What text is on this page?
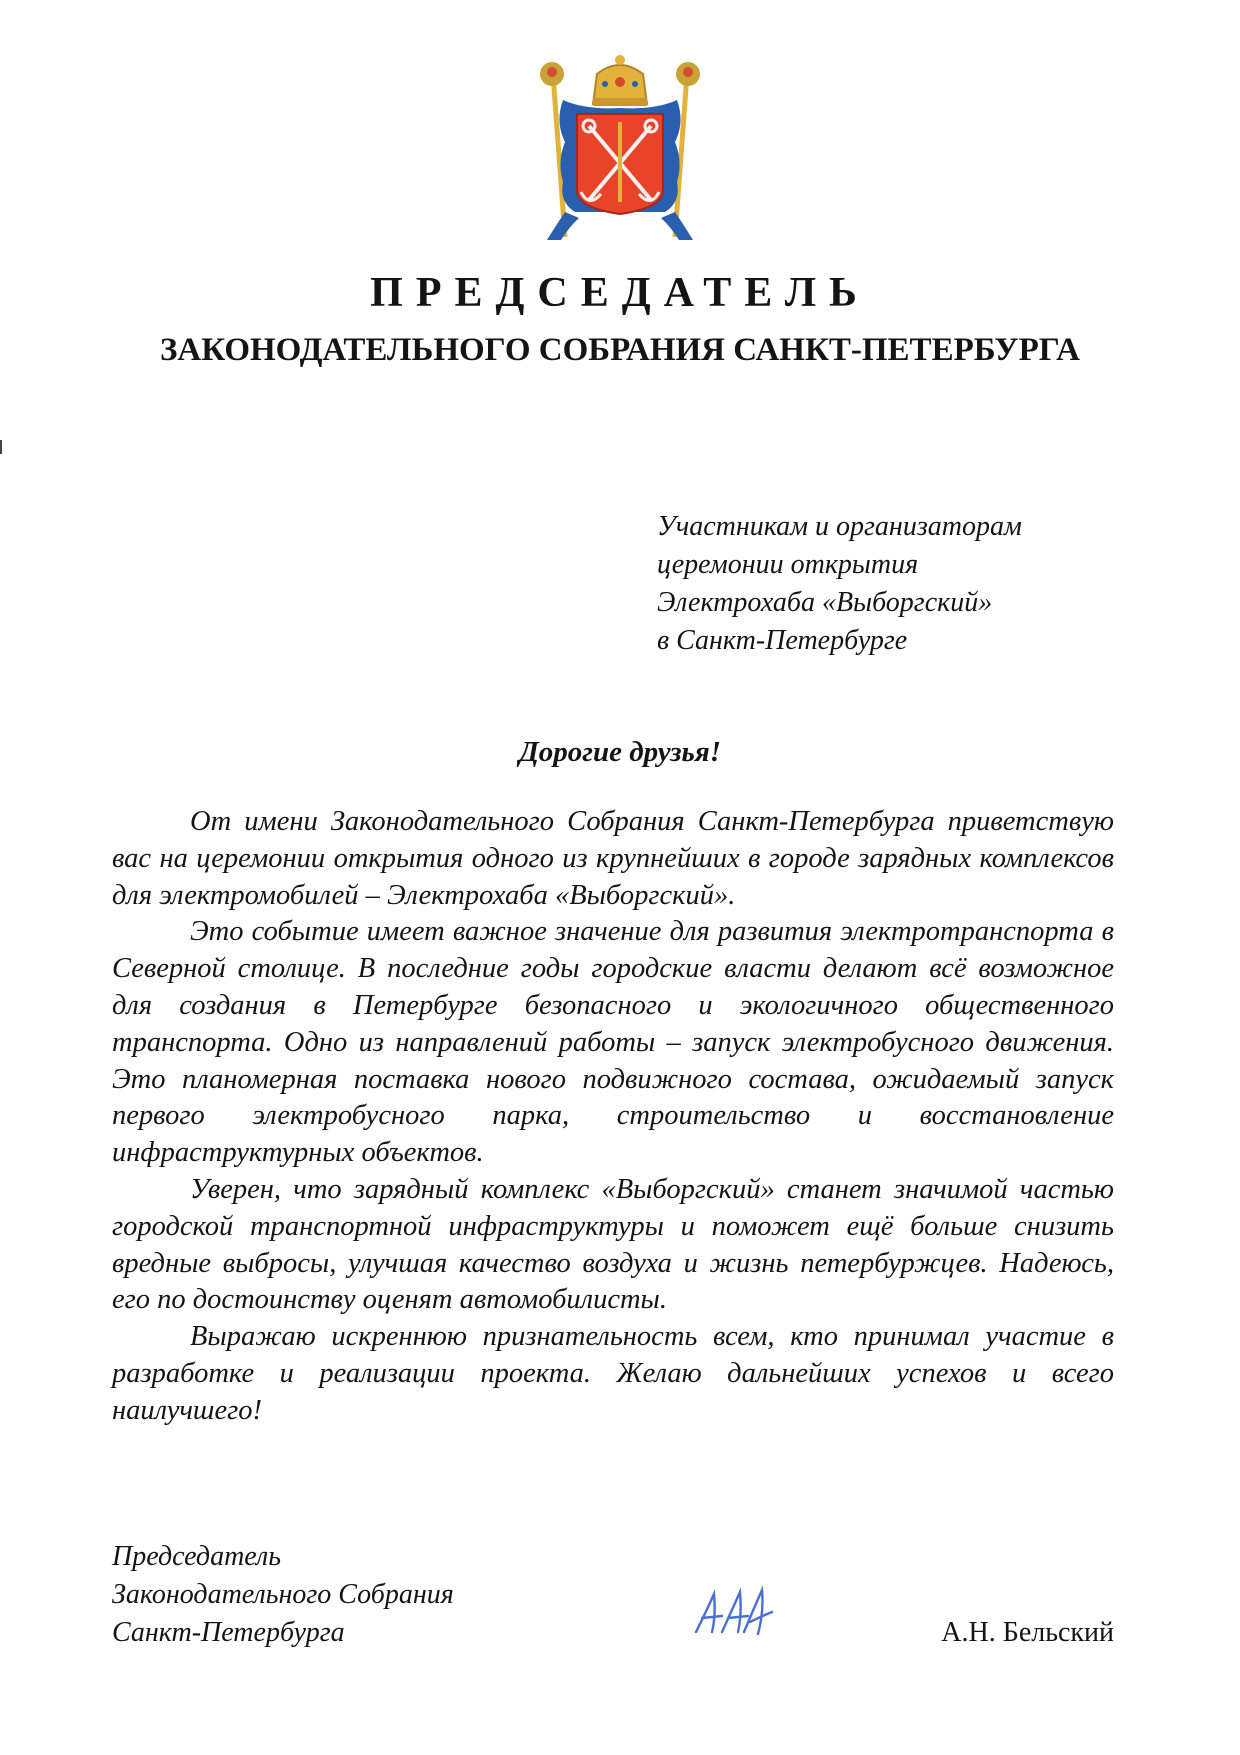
ПРЕДСЕДАТЕЛЬ
ЗАКОНОДАТЕЛЬНОГО СОБРАНИЯ САНКТ-ПЕТЕРБУРГА
Участникам и организаторам
церемонии открытия
Электрохаба «Выборгский»
в Санкт-Петербурге
Дорогие друзья!

От имени Законодательного Собрания Санкт-Петербурга приветствую вас на церемонии открытия одного из крупнейших в городе зарядных комплексов для электромобилей – Электрохаба «Выборгский».

Это событие имеет важное значение для развития электротранспорта в Северной столице. В последние годы городские власти делают всё возможное для создания в Петербурге безопасного и экологичного общественного транспорта. Одно из направлений работы – запуск электробусного движения. Это планомерная поставка нового подвижного состава, ожидаемый запуск первого электробусного парка, строительство и восстановление инфраструктурных объектов.

Уверен, что зарядный комплекс «Выборгский» станет значимой частью городской транспортной инфраструктуры и поможет ещё больше снизить вредные выбросы, улучшая качество воздуха и жизнь петербуржцев. Надеюсь, его по достоинству оценят автомобилисты.

Выражаю искреннюю признательность всем, кто принимал участие в разработке и реализации проекта. Желаю дальнейших успехов и всего наилучшего!

Председатель
Законодательного Собрания
Санкт-Петербурга	А.Н. Бельский
